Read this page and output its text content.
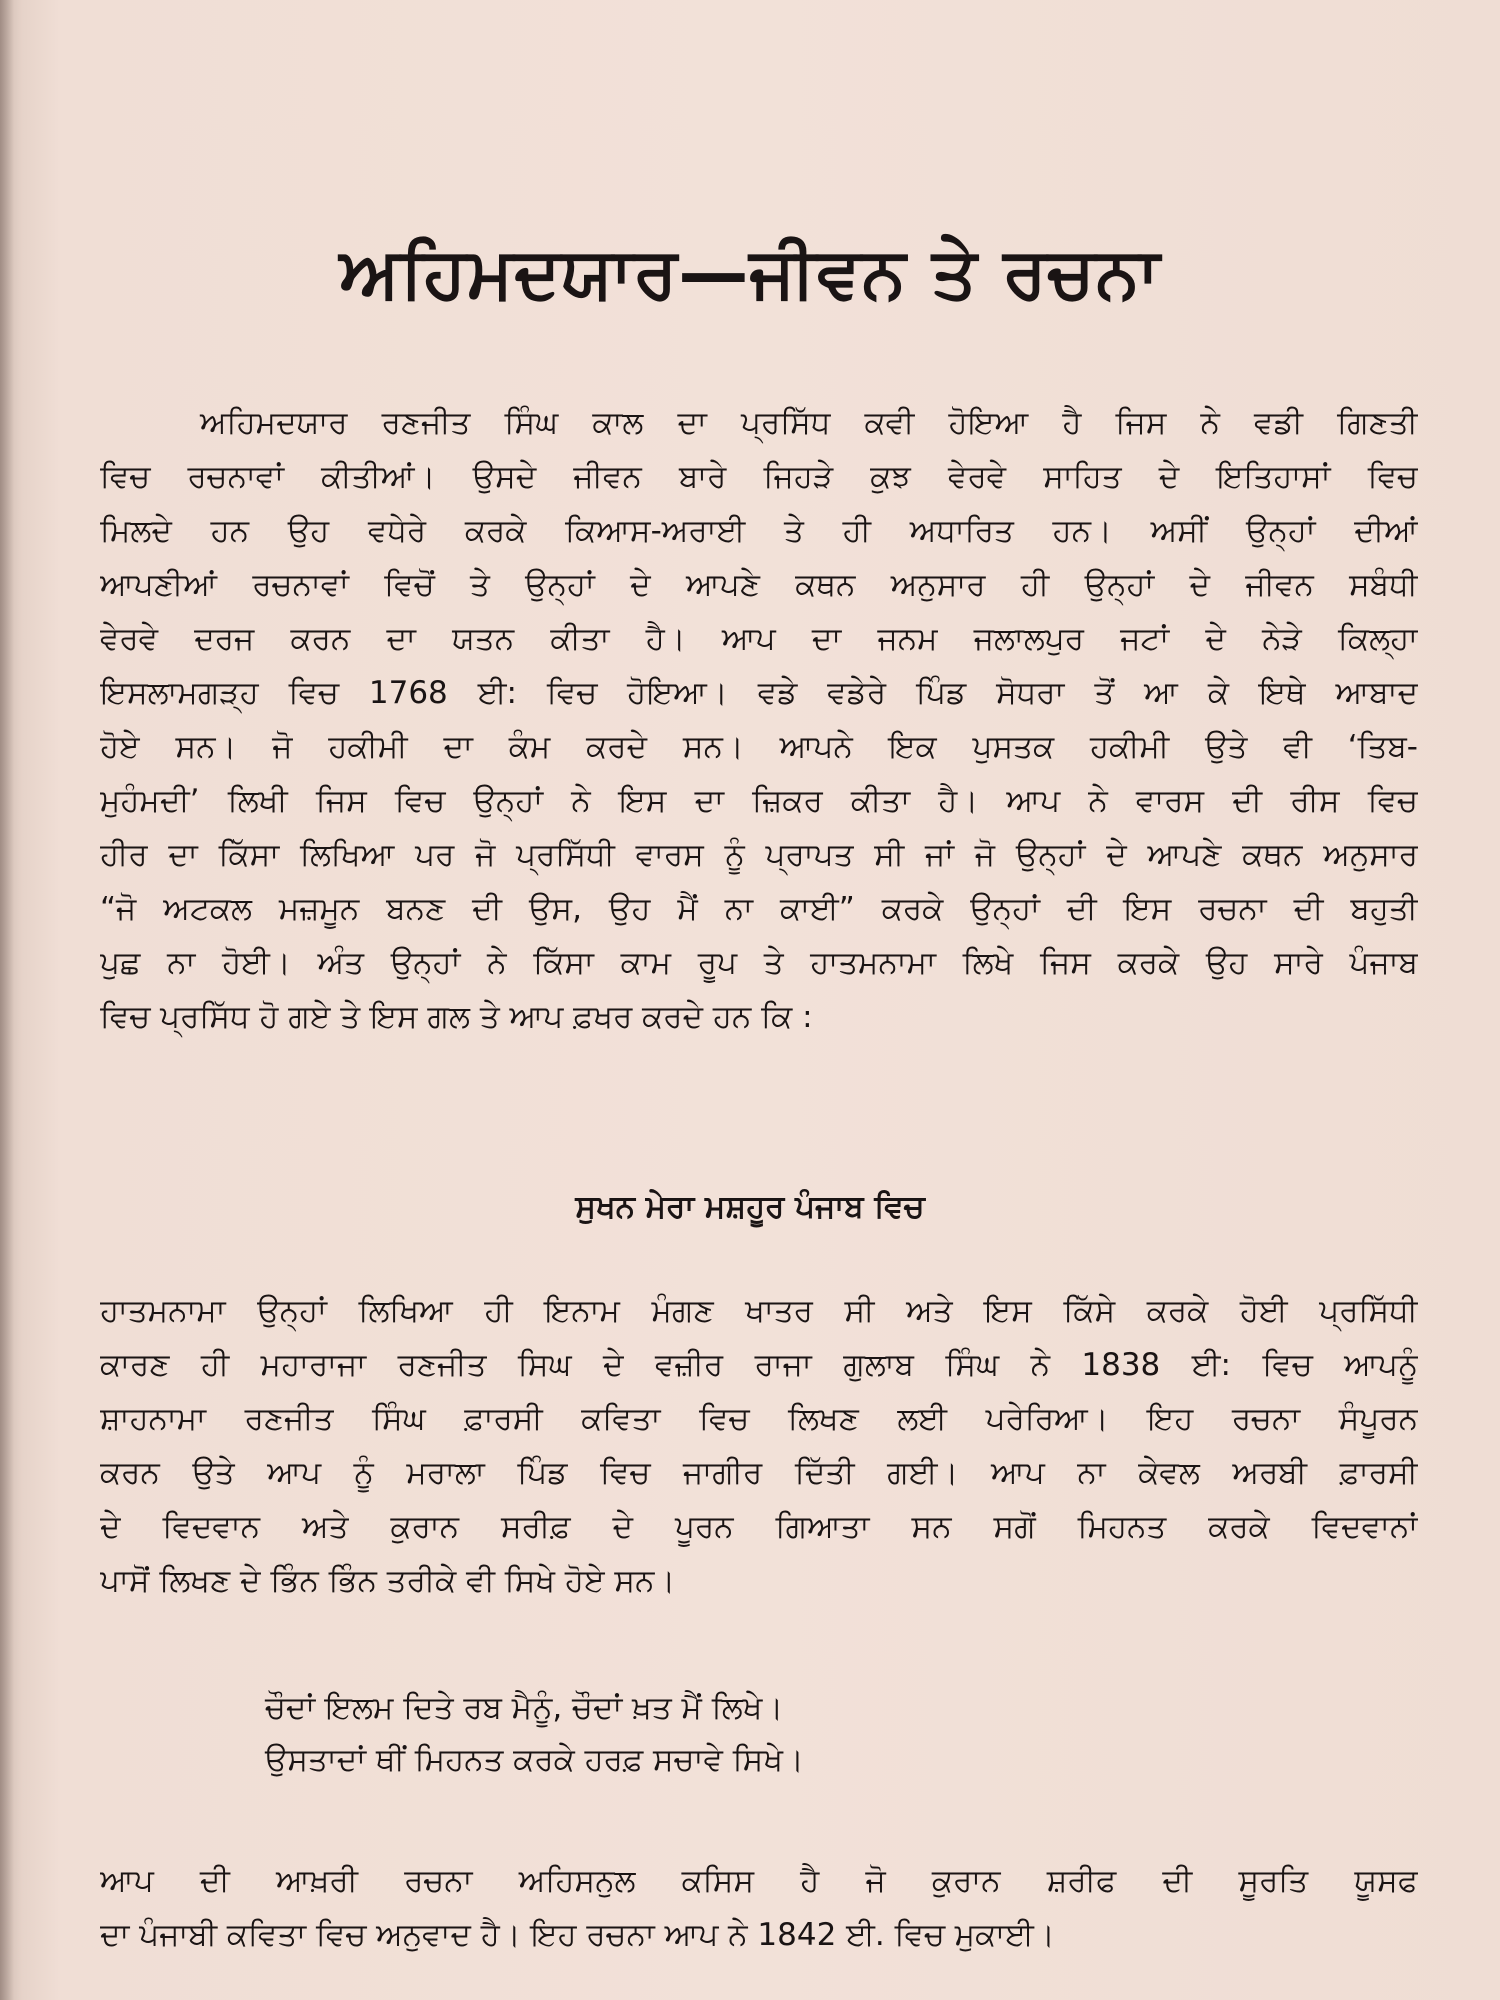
ਅਹਿਮਦਯਾਰ—ਜੀਵਨ ਤੇ ਰਚਨਾ
ਅਹਿਮਦਯਾਰ ਰਣਜੀਤ ਸਿੰਘ ਕਾਲ ਦਾ ਪ੍ਰਸਿੱਧ ਕਵੀ ਹੋਇਆ ਹੈ ਜਿਸ ਨੇ ਵਡੀ ਗਿਣਤੀ
ਵਿਚ ਰਚਨਾਵਾਂ ਕੀਤੀਆਂ। ਉਸਦੇ ਜੀਵਨ ਬਾਰੇ ਜਿਹੜੇ ਕੁਝ ਵੇਰਵੇ ਸਾਹਿਤ ਦੇ ਇਤਿਹਾਸਾਂ ਵਿਚ
ਮਿਲਦੇ ਹਨ ਉਹ ਵਧੇਰੇ ਕਰਕੇ ਕਿਆਸ-ਅਰਾਈ ਤੇ ਹੀ ਅਧਾਰਿਤ ਹਨ। ਅਸੀਂ ਉਨ੍ਹਾਂ ਦੀਆਂ
ਆਪਣੀਆਂ ਰਚਨਾਵਾਂ ਵਿਚੋਂ ਤੇ ਉਨ੍ਹਾਂ ਦੇ ਆਪਣੇ ਕਥਨ ਅਨੁਸਾਰ ਹੀ ਉਨ੍ਹਾਂ ਦੇ ਜੀਵਨ ਸਬੰਧੀ
ਵੇਰਵੇ ਦਰਜ ਕਰਨ ਦਾ ਯਤਨ ਕੀਤਾ ਹੈ। ਆਪ ਦਾ ਜਨਮ ਜਲਾਲਪੁਰ ਜਟਾਂ ਦੇ ਨੇੜੇ ਕਿਲ੍ਹਾ
ਇਸਲਾਮਗੜ੍ਹ ਵਿਚ 1768 ਈ: ਵਿਚ ਹੋਇਆ। ਵਡੇ ਵਡੇਰੇ ਪਿੰਡ ਸੋਧਰਾ ਤੋਂ ਆ ਕੇ ਇਥੇ ਆਬਾਦ
ਹੋਏ ਸਨ। ਜੋ ਹਕੀਮੀ ਦਾ ਕੰਮ ਕਰਦੇ ਸਨ। ਆਪਨੇ ਇਕ ਪੁਸਤਕ ਹਕੀਮੀ ਉਤੇ ਵੀ ‘ਤਿਬ-
ਮੁਹੰਮਦੀ’ ਲਿਖੀ ਜਿਸ ਵਿਚ ਉਨ੍ਹਾਂ ਨੇ ਇਸ ਦਾ ਜ਼ਿਕਰ ਕੀਤਾ ਹੈ। ਆਪ ਨੇ ਵਾਰਸ ਦੀ ਰੀਸ ਵਿਚ
ਹੀਰ ਦਾ ਕਿੱਸਾ ਲਿਖਿਆ ਪਰ ਜੋ ਪ੍ਰਸਿੱਧੀ ਵਾਰਸ ਨੂੰ ਪ੍ਰਾਪਤ ਸੀ ਜਾਂ ਜੋ ਉਨ੍ਹਾਂ ਦੇ ਆਪਣੇ ਕਥਨ ਅਨੁਸਾਰ
“ਜੋ ਅਟਕਲ ਮਜ਼ਮੂਨ ਬਨਣ ਦੀ ਉਸ, ਉਹ ਮੈਂ ਨਾ ਕਾਈ” ਕਰਕੇ ਉਨ੍ਹਾਂ ਦੀ ਇਸ ਰਚਨਾ ਦੀ ਬਹੁਤੀ
ਪੁਛ ਨਾ ਹੋਈ। ਅੰਤ ਉਨ੍ਹਾਂ ਨੇ ਕਿੱਸਾ ਕਾਮ ਰੂਪ ਤੇ ਹਾਤਮਨਾਮਾ ਲਿਖੇ ਜਿਸ ਕਰਕੇ ਉਹ ਸਾਰੇ ਪੰਜਾਬ
ਵਿਚ ਪ੍ਰਸਿੱਧ ਹੋ ਗਏ ਤੇ ਇਸ ਗਲ ਤੇ ਆਪ ਫ਼ਖਰ ਕਰਦੇ ਹਨ ਕਿ :

ਸੁਖਨ ਮੇਰਾ ਮਸ਼ਹੂਰ ਪੰਜਾਬ ਵਿਚ

ਹਾਤਮਨਾਮਾ ਉਨ੍ਹਾਂ ਲਿਖਿਆ ਹੀ ਇਨਾਮ ਮੰਗਣ ਖਾਤਰ ਸੀ ਅਤੇ ਇਸ ਕਿੱਸੇ ਕਰਕੇ ਹੋਈ ਪ੍ਰਸਿੱਧੀ
ਕਾਰਣ ਹੀ ਮਹਾਰਾਜਾ ਰਣਜੀਤ ਸਿਘ ਦੇ ਵਜ਼ੀਰ ਰਾਜਾ ਗੁਲਾਬ ਸਿੰਘ ਨੇ 1838 ਈ: ਵਿਚ ਆਪਨੂੰ
ਸ਼ਾਹਨਾਮਾ ਰਣਜੀਤ ਸਿੰਘ ਫ਼ਾਰਸੀ ਕਵਿਤਾ ਵਿਚ ਲਿਖਣ ਲਈ ਪਰੇਰਿਆ। ਇਹ ਰਚਨਾ ਸੰਪੂਰਨ
ਕਰਨ ਉਤੇ ਆਪ ਨੂੰ ਮਰਾਲਾ ਪਿੰਡ ਵਿਚ ਜਾਗੀਰ ਦਿੱਤੀ ਗਈ। ਆਪ ਨਾ ਕੇਵਲ ਅਰਬੀ ਫ਼ਾਰਸੀ
ਦੇ ਵਿਦਵਾਨ ਅਤੇ ਕੁਰਾਨ ਸਰੀਫ਼ ਦੇ ਪੂਰਨ ਗਿਆਤਾ ਸਨ ਸਗੋਂ ਮਿਹਨਤ ਕਰਕੇ ਵਿਦਵਾਨਾਂ
ਪਾਸੋਂ ਲਿਖਣ ਦੇ ਭਿੰਨ ਭਿੰਨ ਤਰੀਕੇ ਵੀ ਸਿਖੇ ਹੋਏ ਸਨ।
ਚੌਦਾਂ ਇਲਮ ਦਿਤੇ ਰਬ ਮੈਨੂੰ, ਚੌਦਾਂ ਖ਼ਤ ਮੈਂ ਲਿਖੇ।
ਉਸਤਾਦਾਂ ਥੀਂ ਮਿਹਨਤ ਕਰਕੇ ਹਰਫ਼ ਸਚਾਵੇ ਸਿਖੇ।
ਆਪ ਦੀ ਆਖ਼ਰੀ ਰਚਨਾ ਅਹਿਸਨੁਲ ਕਸਿਸ ਹੈ ਜੋ ਕੁਰਾਨ ਸ਼ਰੀਫ ਦੀ ਸੂਰਤਿ ਯੂਸਫ
ਦਾ ਪੰਜਾਬੀ ਕਵਿਤਾ ਵਿਚ ਅਨੁਵਾਦ ਹੈ। ਇਹ ਰਚਨਾ ਆਪ ਨੇ 1842 ਈ. ਵਿਚ ਮੁਕਾਈ।
